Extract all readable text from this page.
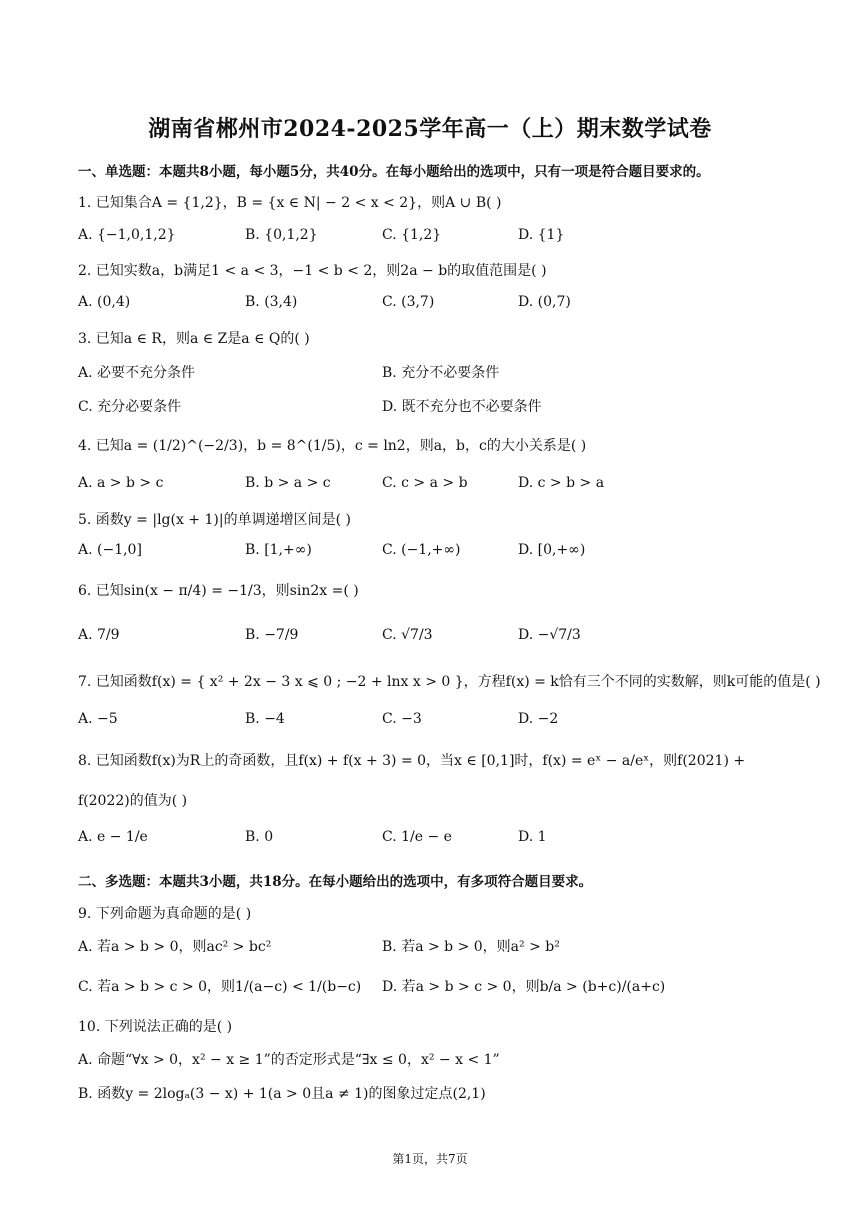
湖南省郴州市2024-2025学年高一（上）期末数学试卷
一、单选题：本题共8小题，每小题5分，共40分。在每小题给出的选项中，只有一项是符合题目要求的。
1. 已知集合A = {1,2}，B = {x ∈ N| − 2 < x < 2}，则A ∪ B( )
A. {−1,0,1,2}	B. {0,1,2}	C. {1,2}	D. {1}
2. 已知实数a，b满足1 < a < 3，−1 < b < 2，则2a − b的取值范围是( )
A. (0,4)	B. (3,4)	C. (3,7)	D. (0,7)
3. 已知a ∈ R，则a ∈ Z是a ∈ Q的( )
A. 必要不充分条件	B. 充分不必要条件
C. 充分必要条件	D. 既不充分也不必要条件
4. 已知a = (1/2)^(−2/3)，b = 8^(1/5)，c = ln2，则a，b，c的大小关系是( )
A. a > b > c	B. b > a > c	C. c > a > b	D. c > b > a
5. 函数y = |lg(x + 1)|的单调递增区间是( )
A. (−1,0]	B. [1,+∞)	C. (−1,+∞)	D. [0,+∞)
6. 已知sin(x − π/4) = −1/3，则sin2x =( )
A. 7/9	B. −7/9	C. √7/3	D. −√7/3
7. 已知函数f(x) = { x² + 2x − 3 x ⩽ 0 ; −2 + lnx x > 0 }，方程f(x) = k恰有三个不同的实数解，则k可能的值是( )
A. −5	B. −4	C. −3	D. −2
8. 已知函数f(x)为R上的奇函数，且f(x) + f(x + 3) = 0，当x ∈ [0,1]时，f(x) = eˣ − a/eˣ，则f(2021) +
f(2022)的值为( )
A. e − 1/e	B. 0	C. 1/e − e	D. 1
二、多选题：本题共3小题，共18分。在每小题给出的选项中，有多项符合题目要求。
9. 下列命题为真命题的是( )
A. 若a > b > 0，则ac² > bc²	B. 若a > b > 0，则a² > b²
C. 若a > b > c > 0，则1/(a−c) < 1/(b−c) D. 若a > b > c > 0，则b/a > (b+c)/(a+c)
10. 下列说法正确的是( )
A. 命题“∀x > 0，x² − x ≥ 1”的否定形式是“∃x ≤ 0，x² − x < 1”
B. 函数y = 2logₐ(3 − x) + 1(a > 0且a ≠ 1)的图象过定点(2,1)
第1页，共7页
